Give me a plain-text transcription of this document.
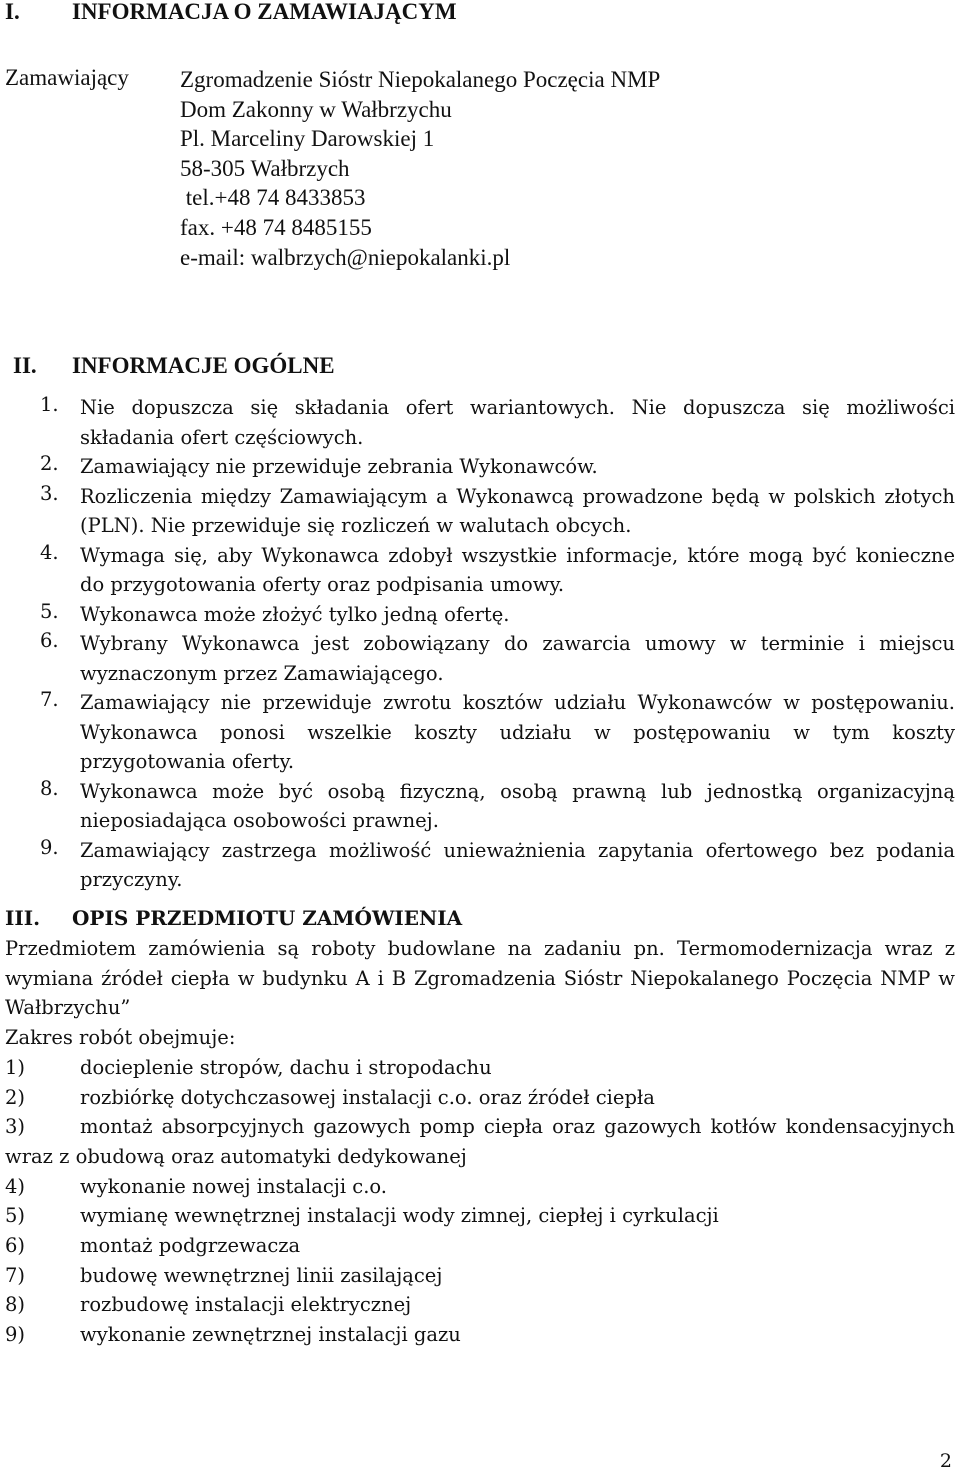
I. INFORMACJA O ZAMAWIAJĄCYM
Zamawiający Zgromadzenie Sióstr Niepokalanego Poczęcia NMP
Dom Zakonny w Wałbrzychu
Pl. Marceliny Darowskiej 1
58-305 Wałbrzych
tel.+48 74 8433853
fax. +48 74 8485155
e-mail: walbrzych@niepokalanki.pl
II. INFORMACJE OGÓLNE
1. Nie dopuszcza się składania ofert wariantowych. Nie dopuszcza się możliwości składania ofert częściowych.
2. Zamawiający nie przewiduje zebrania Wykonawców.
3. Rozliczenia między Zamawiającym a Wykonawcą prowadzone będą w polskich złotych (PLN). Nie przewiduje się rozliczeń w walutach obcych.
4. Wymaga się, aby Wykonawca zdobył wszystkie informacje, które mogą być konieczne do przygotowania oferty oraz podpisania umowy.
5. Wykonawca może złożyć tylko jedną ofertę.
6. Wybrany Wykonawca jest zobowiązany do zawarcia umowy w terminie i miejscu wyznaczonym przez Zamawiającego.
7. Zamawiający nie przewiduje zwrotu kosztów udziału Wykonawców w postępowaniu. Wykonawca ponosi wszelkie koszty udziału w postępowaniu w tym koszty przygotowania oferty.
8. Wykonawca może być osobą fizyczną, osobą prawną lub jednostką organizacyjną nieposiadająca osobowości prawnej.
9. Zamawiający zastrzega możliwość unieważnienia zapytania ofertowego bez podania przyczyny.
III. OPIS PRZEDMIOTU ZAMÓWIENIA
Przedmiotem zamówienia są roboty budowlane na zadaniu pn. Termomodernizacja wraz z wymiana źródeł ciepła w budynku A i B Zgromadzenia Sióstr Niepokalanego Poczęcia NMP w Wałbrzychu”
Zakres robót obejmuje:
1)	docieplenie stropów, dachu i stropodachu
2)	rozbiórkę dotychczasowej instalacji c.o. oraz źródeł ciepła
3)	montaż absorpcyjnych gazowych pomp ciepła oraz gazowych kotłów kondensacyjnych wraz z obudową oraz automatyki dedykowanej
4)	wykonanie nowej instalacji c.o.
5)	wymianę wewnętrznej instalacji wody zimnej, ciepłej i cyrkulacji
6)	montaż podgrzewacza
7)	budowę wewnętrznej linii zasilającej
8)	rozbudowę instalacji elektrycznej
9)	wykonanie zewnętrznej instalacji gazu
2
